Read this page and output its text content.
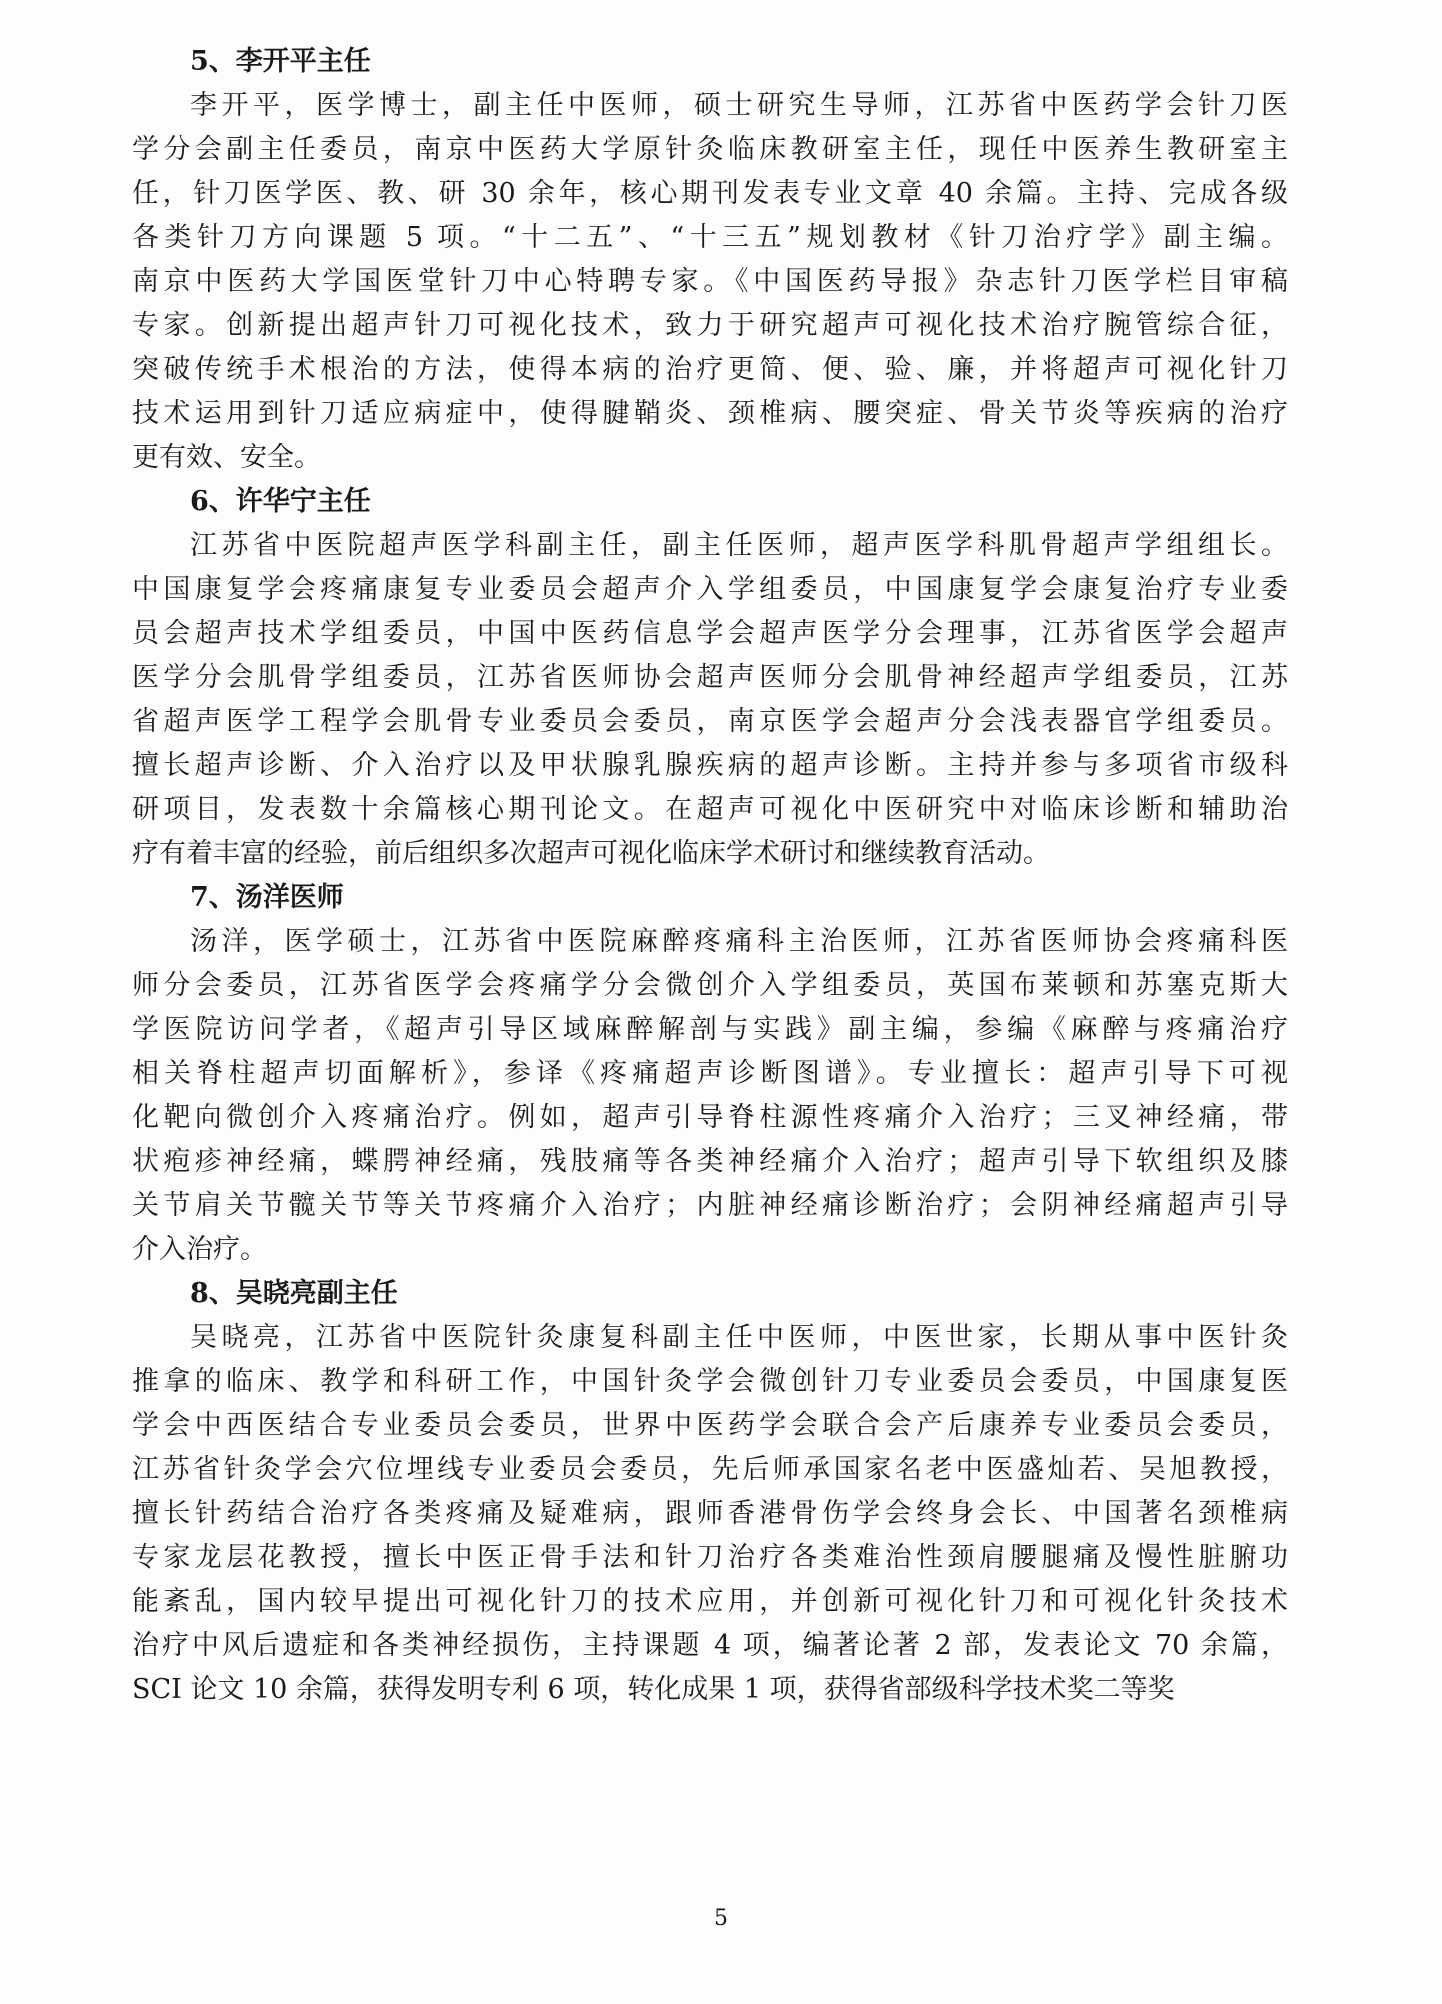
5、李开平主任
李开平，医学博士，副主任中医师，硕士研究生导师，江苏省中医药学会针刀医
学分会副主任委员，南京中医药大学原针灸临床教研室主任，现任中医养生教研室主
任，针刀医学医、教、研 30 余年，核心期刊发表专业文章 40 余篇。主持、完成各级
各类针刀方向课题 5 项。“十二五”、“十三五”规划教材《针刀治疗学》副主编。
南京中医药大学国医堂针刀中心特聘专家。《中国医药导报》杂志针刀医学栏目审稿
专家。创新提出超声针刀可视化技术，致力于研究超声可视化技术治疗腕管综合征，
突破传统手术根治的方法，使得本病的治疗更简、便、验、廉，并将超声可视化针刀
技术运用到针刀适应病症中，使得腱鞘炎、颈椎病、腰突症、骨关节炎等疾病的治疗
更有效、安全。
6、许华宁主任
江苏省中医院超声医学科副主任，副主任医师，超声医学科肌骨超声学组组长。
中国康复学会疼痛康复专业委员会超声介入学组委员，中国康复学会康复治疗专业委
员会超声技术学组委员，中国中医药信息学会超声医学分会理事，江苏省医学会超声
医学分会肌骨学组委员，江苏省医师协会超声医师分会肌骨神经超声学组委员，江苏
省超声医学工程学会肌骨专业委员会委员，南京医学会超声分会浅表器官学组委员。
擅长超声诊断、介入治疗以及甲状腺乳腺疾病的超声诊断。主持并参与多项省市级科
研项目，发表数十余篇核心期刊论文。在超声可视化中医研究中对临床诊断和辅助治
疗有着丰富的经验，前后组织多次超声可视化临床学术研讨和继续教育活动。
7、汤洋医师
汤洋，医学硕士，江苏省中医院麻醉疼痛科主治医师，江苏省医师协会疼痛科医
师分会委员，江苏省医学会疼痛学分会微创介入学组委员，英国布莱顿和苏塞克斯大
学医院访问学者，《超声引导区域麻醉解剖与实践》副主编，参编《麻醉与疼痛治疗
相关脊柱超声切面解析》，参译《疼痛超声诊断图谱》。专业擅长：超声引导下可视
化靶向微创介入疼痛治疗。例如，超声引导脊柱源性疼痛介入治疗；三叉神经痛，带
状疱疹神经痛，蝶腭神经痛，残肢痛等各类神经痛介入治疗；超声引导下软组织及膝
关节肩关节髋关节等关节疼痛介入治疗；内脏神经痛诊断治疗；会阴神经痛超声引导
介入治疗。
8、吴晓亮副主任
吴晓亮，江苏省中医院针灸康复科副主任中医师，中医世家，长期从事中医针灸
推拿的临床、教学和科研工作，中国针灸学会微创针刀专业委员会委员，中国康复医
学会中西医结合专业委员会委员，世界中医药学会联合会产后康养专业委员会委员，
江苏省针灸学会穴位埋线专业委员会委员，先后师承国家名老中医盛灿若、吴旭教授，
擅长针药结合治疗各类疼痛及疑难病，跟师香港骨伤学会终身会长、中国著名颈椎病
专家龙层花教授，擅长中医正骨手法和针刀治疗各类难治性颈肩腰腿痛及慢性脏腑功
能紊乱，国内较早提出可视化针刀的技术应用，并创新可视化针刀和可视化针灸技术
治疗中风后遗症和各类神经损伤，主持课题 4 项，编著论著 2 部，发表论文 70 余篇，
SCI 论文 10 余篇，获得发明专利 6 项，转化成果 1 项，获得省部级科学技术奖二等奖
5
